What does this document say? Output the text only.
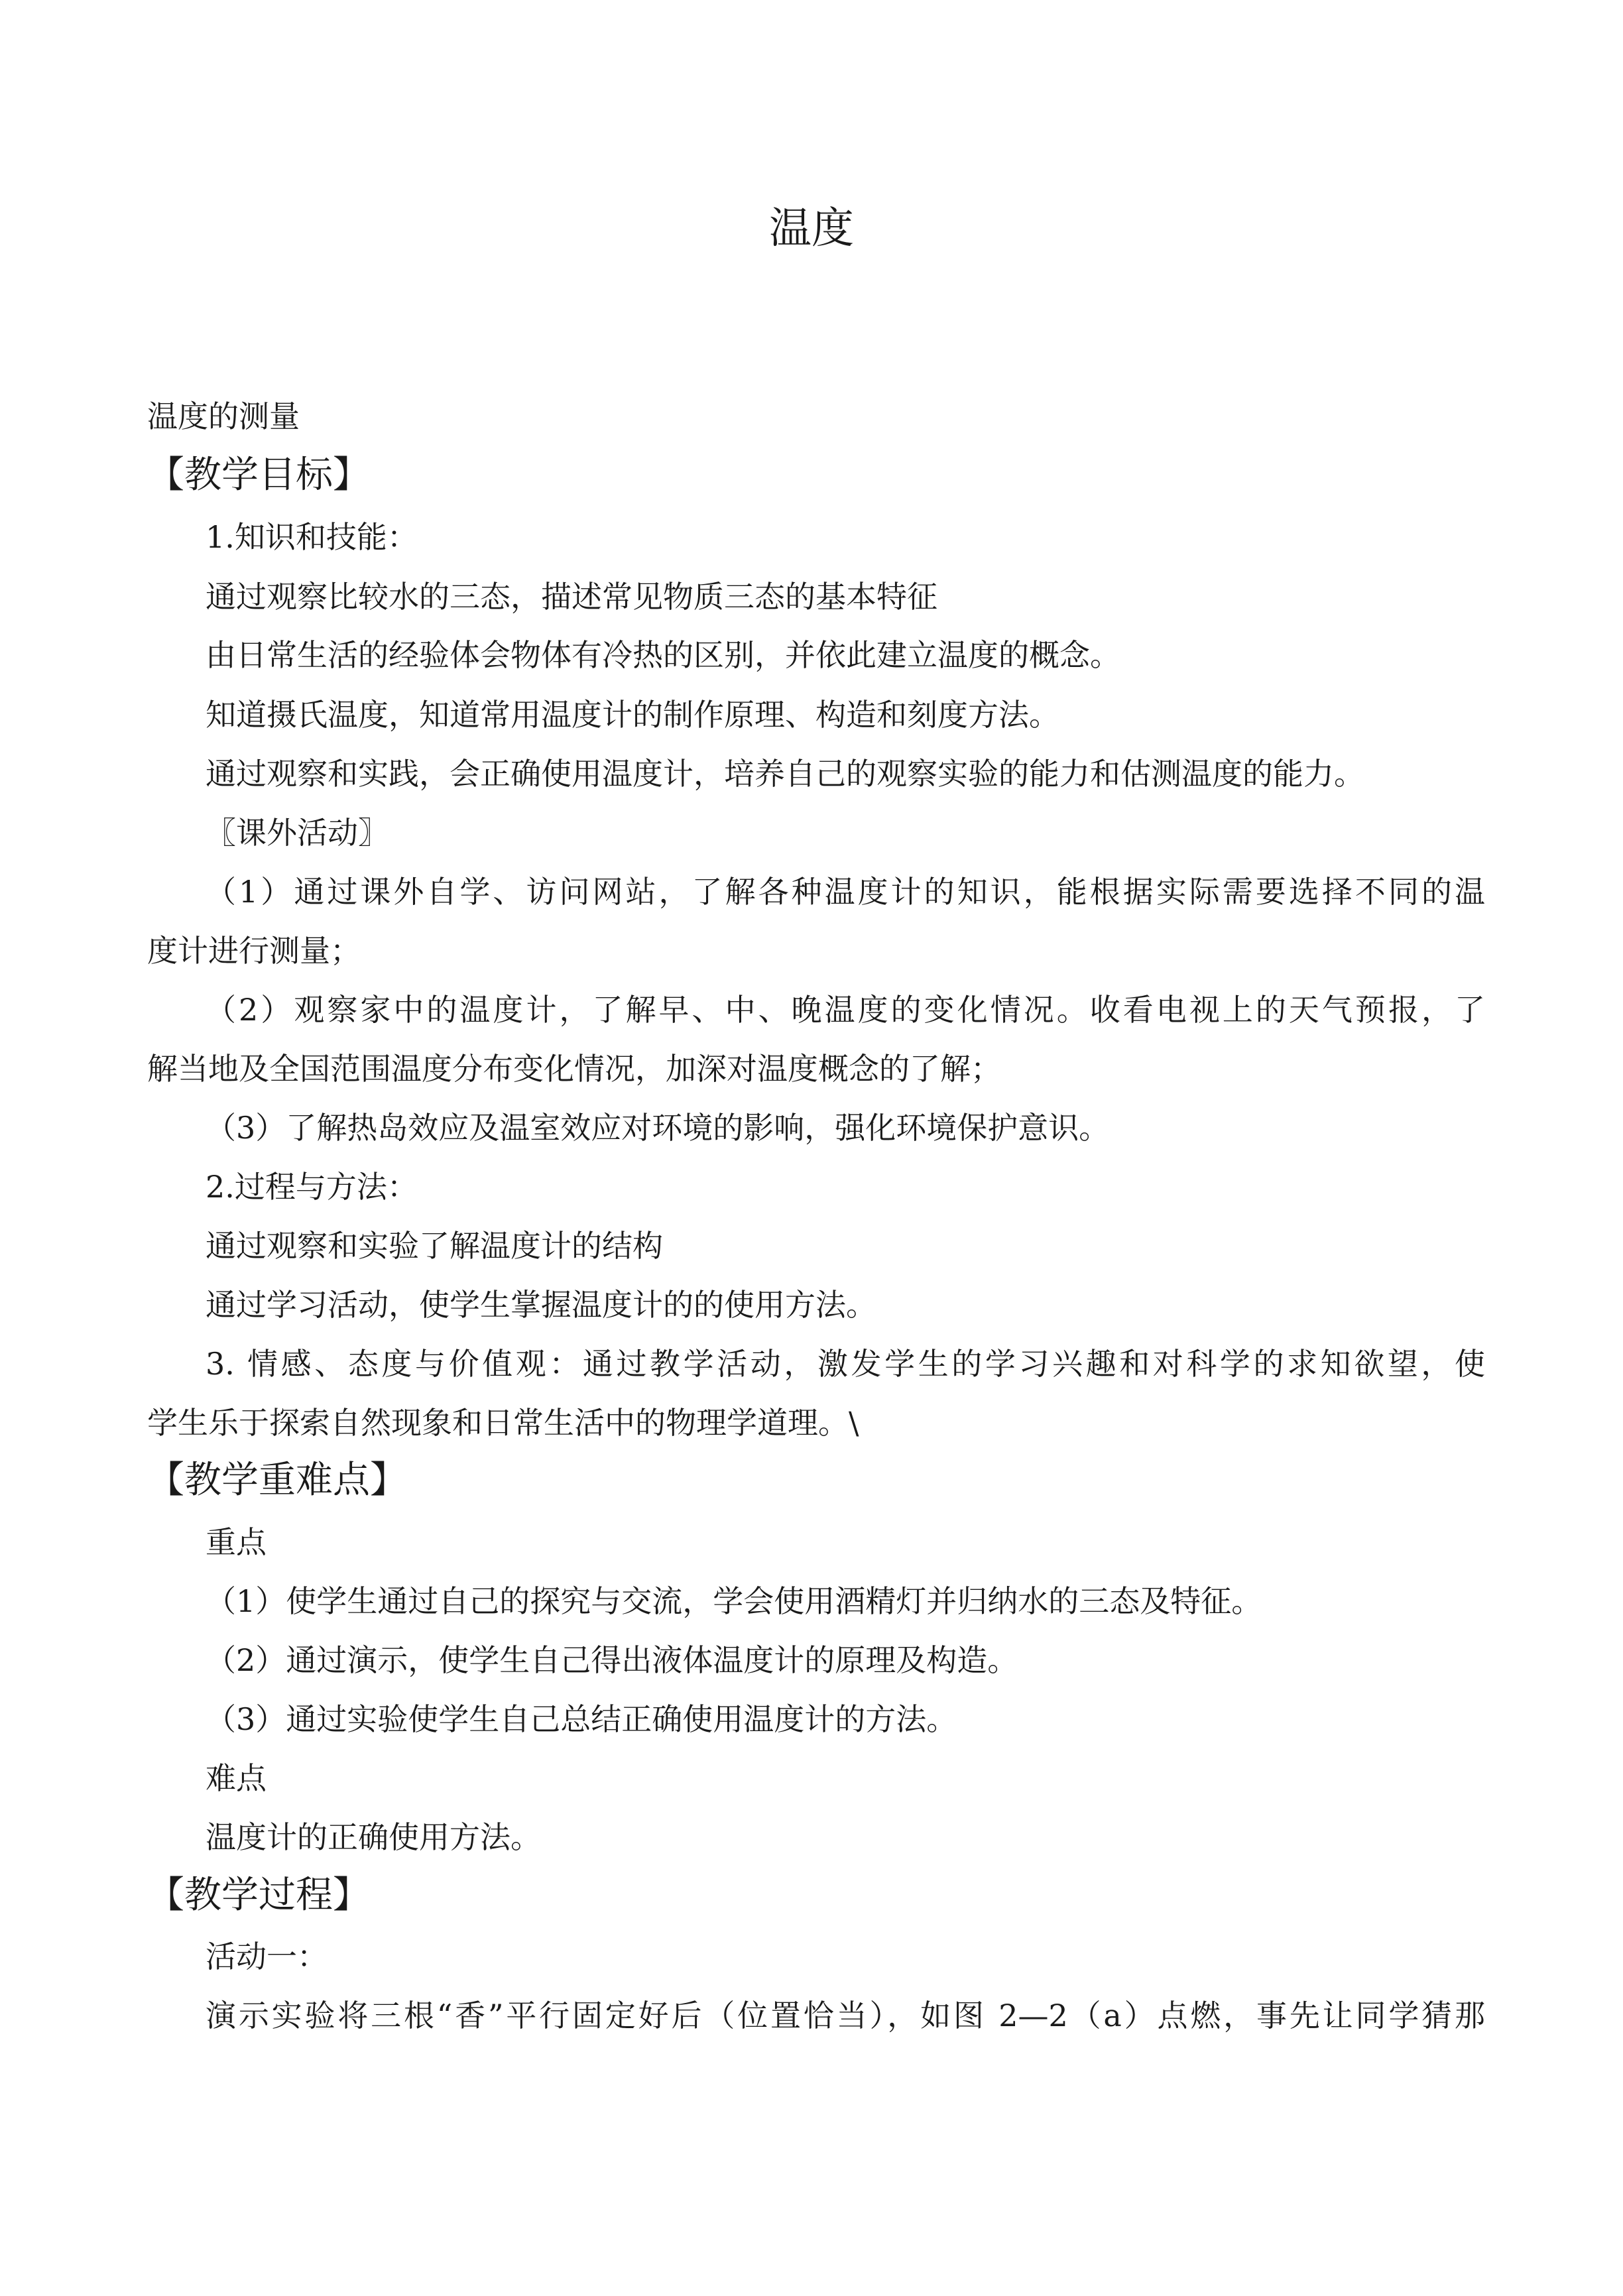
温度
温度的测量
【教学目标】
1.知识和技能：
通过观察比较水的三态，描述常见物质三态的基本特征
由日常生活的经验体会物体有冷热的区别，并依此建立温度的概念。
知道摄氏温度，知道常用温度计的制作原理、构造和刻度方法。
通过观察和实践，会正确使用温度计，培养自己的观察实验的能力和估测温度的能力。
〖课外活动〗
（1）通过课外自学、访问网站，了解各种温度计的知识，能根据实际需要选择不同的温
度计进行测量；
（2）观察家中的温度计，了解早、中、晚温度的变化情况。收看电视上的天气预报，了
解当地及全国范围温度分布变化情况，加深对温度概念的了解；
（3）了解热岛效应及温室效应对环境的影响，强化环境保护意识。
2.过程与方法：
通过观察和实验了解温度计的结构
通过学习活动，使学生掌握温度计的的使用方法。
3. 情感、态度与价值观：通过教学活动，激发学生的学习兴趣和对科学的求知欲望，使
学生乐于探索自然现象和日常生活中的物理学道理。\
【教学重难点】
重点
（1）使学生通过自己的探究与交流，学会使用酒精灯并归纳水的三态及特征。
（2）通过演示，使学生自己得出液体温度计的原理及构造。
（3）通过实验使学生自己总结正确使用温度计的方法。
难点
温度计的正确使用方法。
【教学过程】
活动一：
演示实验将三根“香”平行固定好后（位置恰当），如图 2—2（a）点燃，事先让同学猜那
